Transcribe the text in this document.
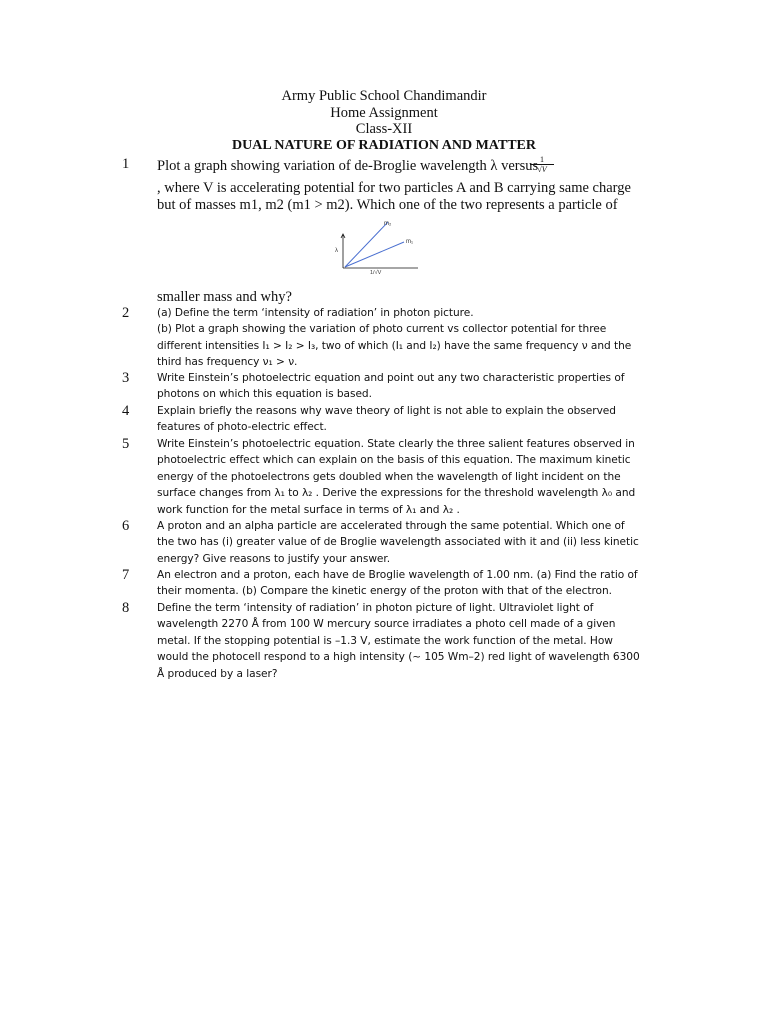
Army Public School Chandimandir
Home Assignment
Class-XII
DUAL NATURE OF RADIATION AND MATTER
1 Plot a graph showing variation of de-Broglie wavelength λ versus
$\frac{1}{√V}$
, where V is accelerating potential for two particles A and B carrying same charge
but of masses m1, m2 (m1 > m2). Which one of the two represents a particle of
m₂
m₁
λ
1/√V
smaller mass and why?
2	(a) Define the term ‘intensity of radiation’ in photon picture.

(b) Plot a graph showing the variation of photo current vs collector potential for three different intensities I₁ > I₂ > I₃, two of which (I₁ and I₂) have the same frequency ν and the third has frequency ν₁ > ν.

3	Write Einstein’s photoelectric equation and point out any two characteristic properties of photons on which this equation is based.
4	Explain briefly the reasons why wave theory of light is not able to explain the observed features of photo-electric effect.
5	Write Einstein’s photoelectric equation. State clearly the three salient features observed in photoelectric effect which can explain on the basis of this equation. The maximum kinetic energy of the photoelectrons gets doubled when the wavelength of light incident on the surface changes from λ₁ to λ₂ . Derive the expressions for the threshold wavelength λ₀ and work function for the metal surface in terms of λ₁ and λ₂ .
6	A proton and an alpha particle are accelerated through the same potential. Which one of the two has (i) greater value of de Broglie wavelength associated with it and (ii) less kinetic energy? Give reasons to justify your answer.
7	An electron and a proton, each have de Broglie wavelength of 1.00 nm. (a) Find the ratio of their momenta. (b) Compare the kinetic energy of the proton with that of the electron.
8	Define the term ‘intensity of radiation’ in photon picture of light. Ultraviolet light of wavelength 2270 Å from 100 W mercury source irradiates a photo cell made of a given metal. If the stopping potential is –1.3 V, estimate the work function of the metal. How would the photocell respond to a high intensity (~ 105 Wm–2) red light of wavelength 6300 Å produced by a laser?
